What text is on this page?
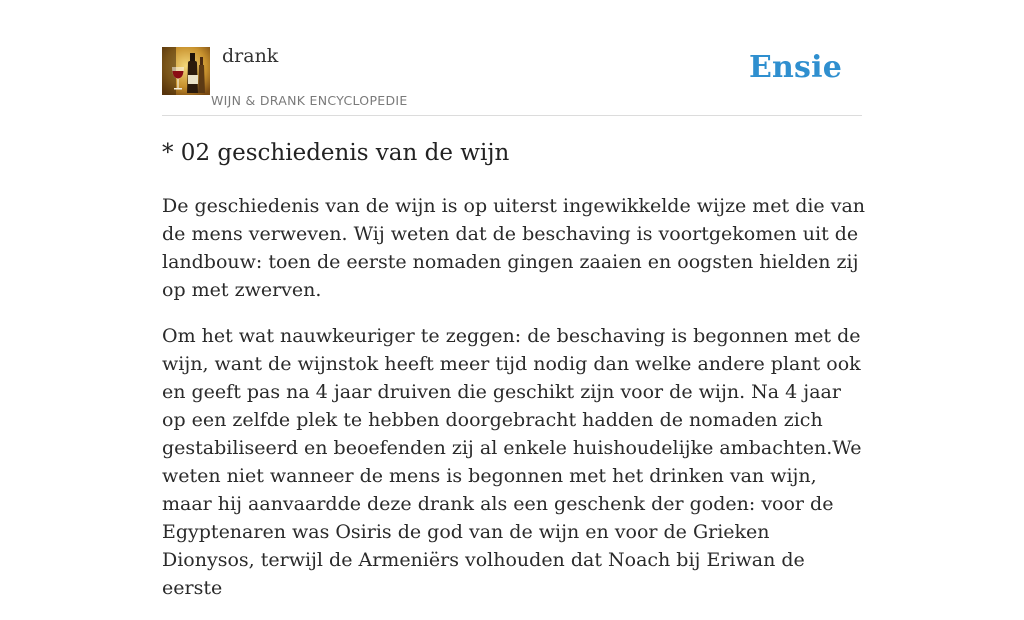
drank
WIJN & DRANK ENCYCLOPEDIE
Ensie
* 02 geschiedenis van de wijn

De geschiedenis van de wijn is op uiterst ingewikkelde wijze met die van de mens verweven. Wij weten dat de beschaving is voortgekomen uit de landbouw: toen de eerste nomaden gingen zaaien en oogsten hielden zij op met zwerven.

Om het wat nauwkeuriger te zeggen: de beschaving is begonnen met de wijn, want de wijnstok heeft meer tijd nodig dan welke andere plant ook en geeft pas na 4 jaar druiven die geschikt zijn voor de wijn. Na 4 jaar op een zelfde plek te hebben doorgebracht hadden de nomaden zich gestabiliseerd en beoefenden zij al enkele huishoudelijke ambachten.We weten niet wanneer de mens is begonnen met het drinken van wijn, maar hij aanvaardde deze drank als een geschenk der goden: voor de Egyptenaren was Osiris de god van de wijn en voor de Grieken Dionysos, terwijl de Armeniërs volhouden dat Noach bij Eriwan de eerste
